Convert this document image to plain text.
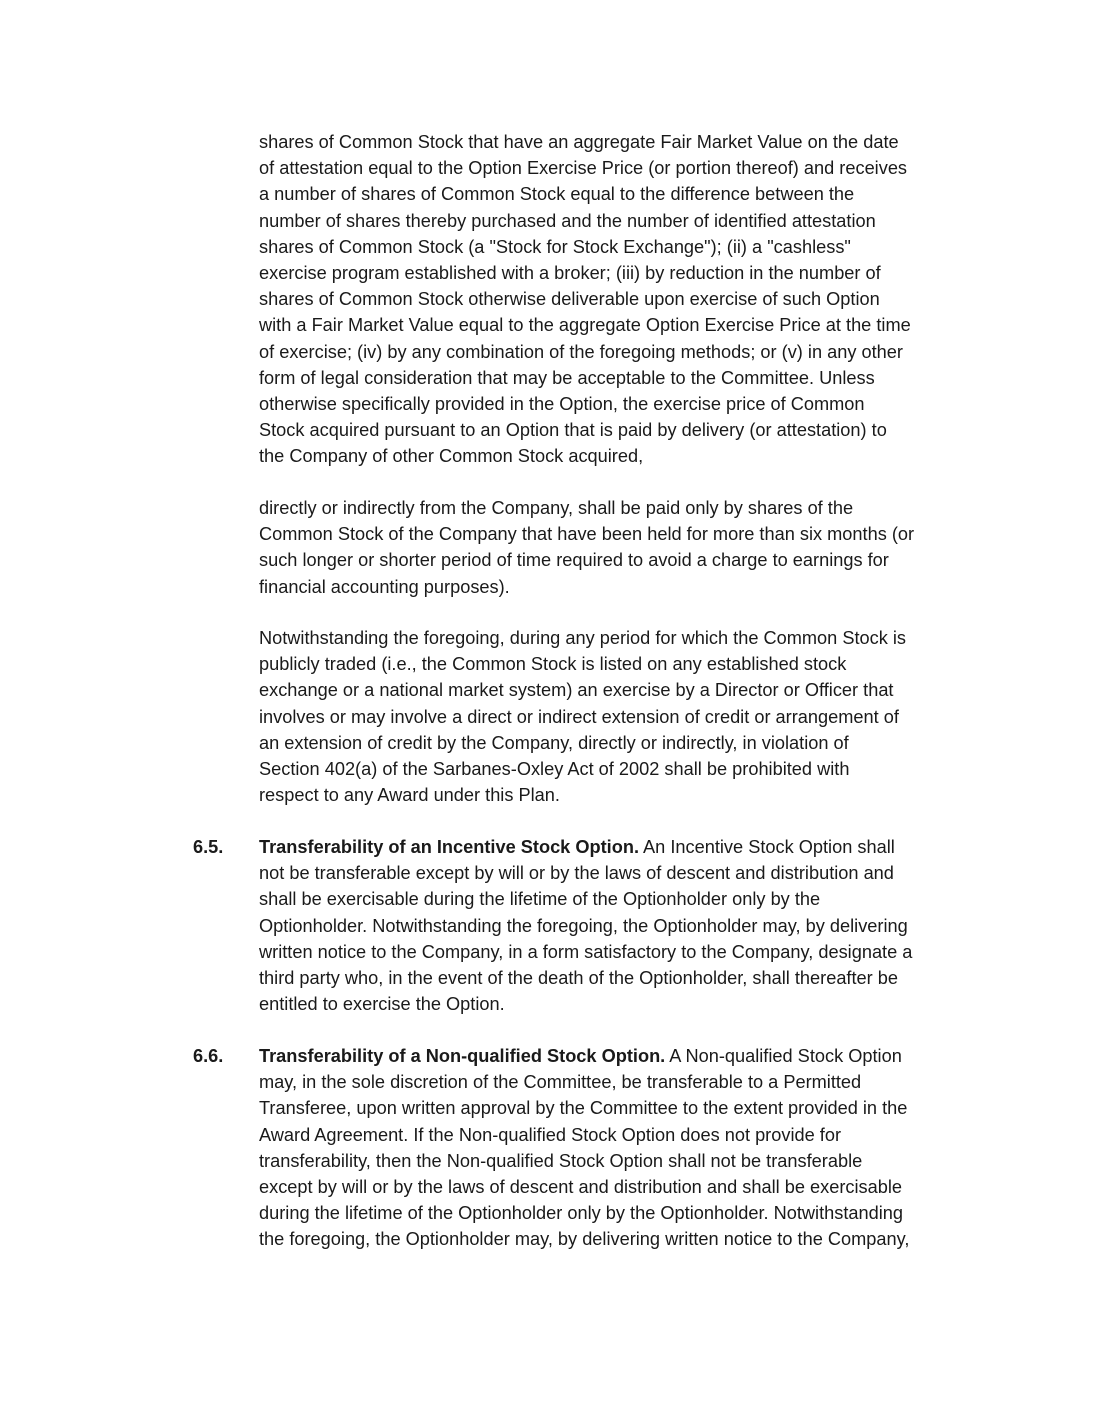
shares of Common Stock that have an aggregate Fair Market Value on the date
of attestation equal to the Option Exercise Price (or portion thereof) and receives
a number of shares of Common Stock equal to the difference between the
number of shares thereby purchased and the number of identified attestation
shares of Common Stock (a "Stock for Stock Exchange"); (ii) a "cashless"
exercise program established with a broker; (iii) by reduction in the number of
shares of Common Stock otherwise deliverable upon exercise of such Option
with a Fair Market Value equal to the aggregate Option Exercise Price at the time
of exercise; (iv) by any combination of the foregoing methods; or (v) in any other
form of legal consideration that may be acceptable to the Committee. Unless
otherwise specifically provided in the Option, the exercise price of Common
Stock acquired pursuant to an Option that is paid by delivery (or attestation) to
the Company of other Common Stock acquired,
directly or indirectly from the Company, shall be paid only by shares of the
Common Stock of the Company that have been held for more than six months (or
such longer or shorter period of time required to avoid a charge to earnings for
financial accounting purposes).
Notwithstanding the foregoing, during any period for which the Common Stock is
publicly traded (i.e., the Common Stock is listed on any established stock
exchange or a national market system) an exercise by a Director or Officer that
involves or may involve a direct or indirect extension of credit or arrangement of
an extension of credit by the Company, directly or indirectly, in violation of
Section 402(a) of the Sarbanes-Oxley Act of 2002 shall be prohibited with
respect to any Award under this Plan.
6.5. Transferability of an Incentive Stock Option. An Incentive Stock Option shall
not be transferable except by will or by the laws of descent and distribution and
shall be exercisable during the lifetime of the Optionholder only by the
Optionholder. Notwithstanding the foregoing, the Optionholder may, by delivering
written notice to the Company, in a form satisfactory to the Company, designate a
third party who, in the event of the death of the Optionholder, shall thereafter be
entitled to exercise the Option.
6.6. Transferability of a Non-qualified Stock Option. A Non-qualified Stock Option
may, in the sole discretion of the Committee, be transferable to a Permitted
Transferee, upon written approval by the Committee to the extent provided in the
Award Agreement. If the Non-qualified Stock Option does not provide for
transferability, then the Non-qualified Stock Option shall not be transferable
except by will or by the laws of descent and distribution and shall be exercisable
during the lifetime of the Optionholder only by the Optionholder. Notwithstanding
the foregoing, the Optionholder may, by delivering written notice to the Company,
